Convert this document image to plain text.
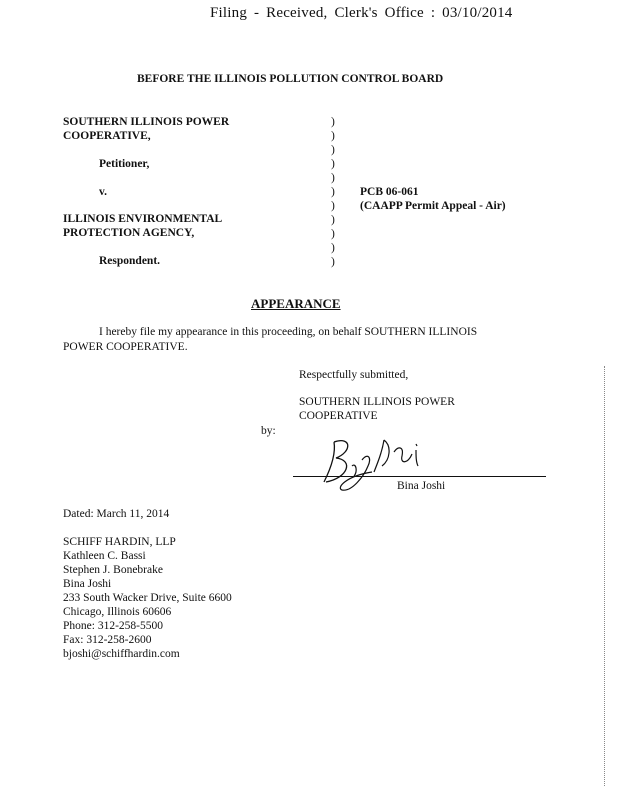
Filing - Received, Clerk's Office : 03/10/2014
BEFORE THE ILLINOIS POLLUTION CONTROL BOARD
SOUTHERN ILLINOIS POWER
COOPERATIVE,
Petitioner,
v.
ILLINOIS ENVIRONMENTAL
PROTECTION AGENCY,
Respondent.
)
)
)
)
)
)
)
)
)
)
)
PCB 06-061
(CAAPP Permit Appeal - Air)
APPEARANCE
I hereby file my appearance in this proceeding, on behalf SOUTHERN ILLINOIS
POWER COOPERATIVE.
Respectfully submitted,
SOUTHERN ILLINOIS POWER
COOPERATIVE
by:
Bina Joshi
Dated: March 11, 2014
SCHIFF HARDIN, LLP
Kathleen C. Bassi
Stephen J. Bonebrake
Bina Joshi
233 South Wacker Drive, Suite 6600
Chicago, Illinois 60606
Phone: 312-258-5500
Fax: 312-258-2600
bjoshi@schiffhardin.com
